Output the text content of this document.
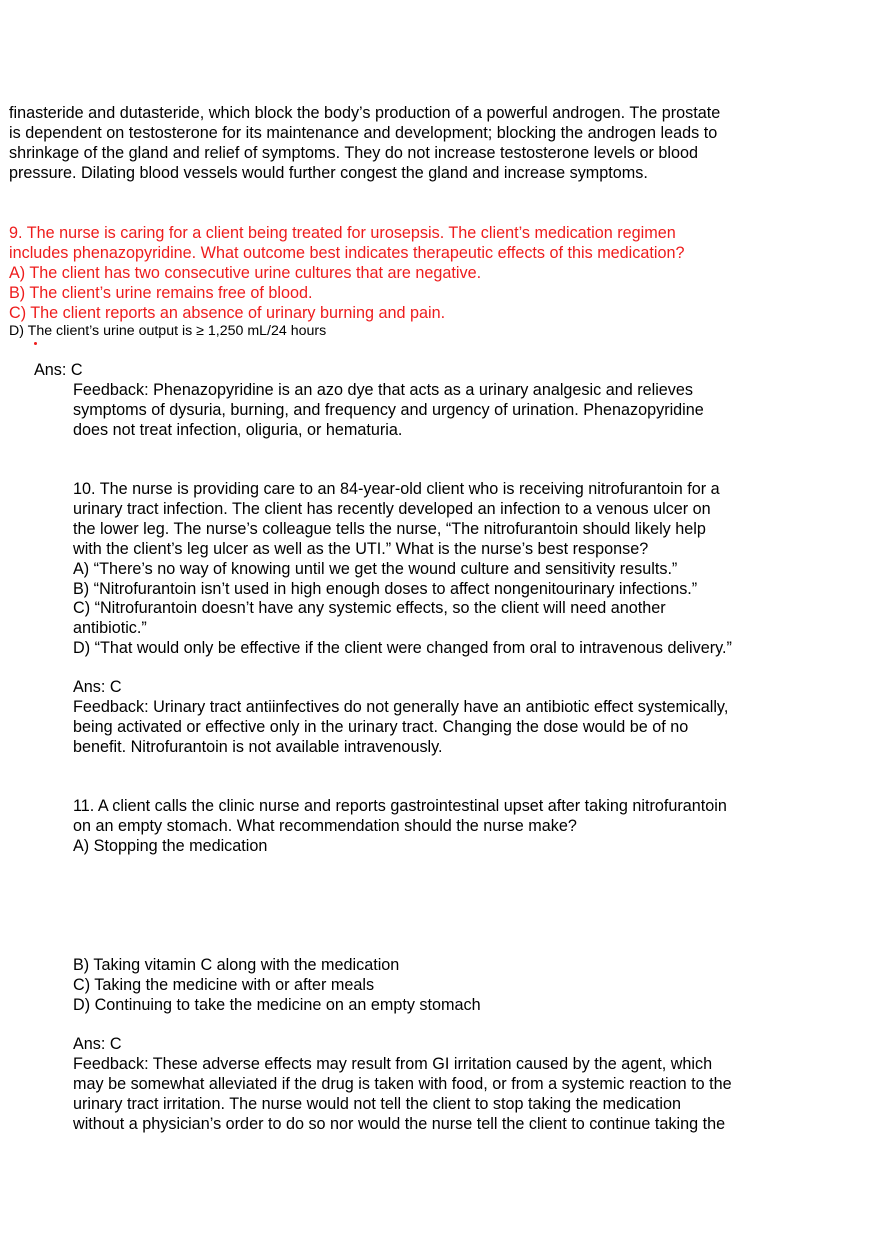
finasteride and dutasteride, which block the body’s production of a powerful androgen. The prostate
is dependent on testosterone for its maintenance and development; blocking the androgen leads to
shrinkage of the gland and relief of symptoms. They do not increase testosterone levels or blood
pressure. Dilating blood vessels would further congest the gland and increase symptoms.

9. The nurse is caring for a client being treated for urosepsis. The client’s medication regimen
includes phenazopyridine. What outcome best indicates therapeutic effects of this medication?
A) The client has two consecutive urine cultures that are negative.
B) The client’s urine remains free of blood.
C) The client reports an absence of urinary burning and pain.

D) The client’s urine output is ≥ 1,250 mL/24 hours

Ans: C

Feedback: Phenazopyridine is an azo dye that acts as a urinary analgesic and relieves
symptoms of dysuria, burning, and frequency and urgency of urination. Phenazopyridine
does not treat infection, oliguria, or hematuria.

10. The nurse is providing care to an 84-year-old client who is receiving nitrofurantoin for a
urinary tract infection. The client has recently developed an infection to a venous ulcer on
the lower leg. The nurse’s colleague tells the nurse, “The nitrofurantoin should likely help
with the client’s leg ulcer as well as the UTI.” What is the nurse’s best response?
A) “There’s no way of knowing until we get the wound culture and sensitivity results.”
B) “Nitrofurantoin isn’t used in high enough doses to affect nongenitourinary infections.”
C) “Nitrofurantoin doesn’t have any systemic effects, so the client will need another
antibiotic.”
D) “That would only be effective if the client were changed from oral to intravenous delivery.”

Ans: C

Feedback: Urinary tract antiinfectives do not generally have an antibiotic effect systemically,
being activated or effective only in the urinary tract. Changing the dose would be of no
benefit. Nitrofurantoin is not available intravenously.

11. A client calls the clinic nurse and reports gastrointestinal upset after taking nitrofurantoin
on an empty stomach. What recommendation should the nurse make?
A) Stopping the medication

B) Taking vitamin C along with the medication
C) Taking the medicine with or after meals
D) Continuing to take the medicine on an empty stomach

Ans: C

Feedback: These adverse effects may result from GI irritation caused by the agent, which
may be somewhat alleviated if the drug is taken with food, or from a systemic reaction to the
urinary tract irritation. The nurse would not tell the client to stop taking the medication
without a physician’s order to do so nor would the nurse tell the client to continue taking the
